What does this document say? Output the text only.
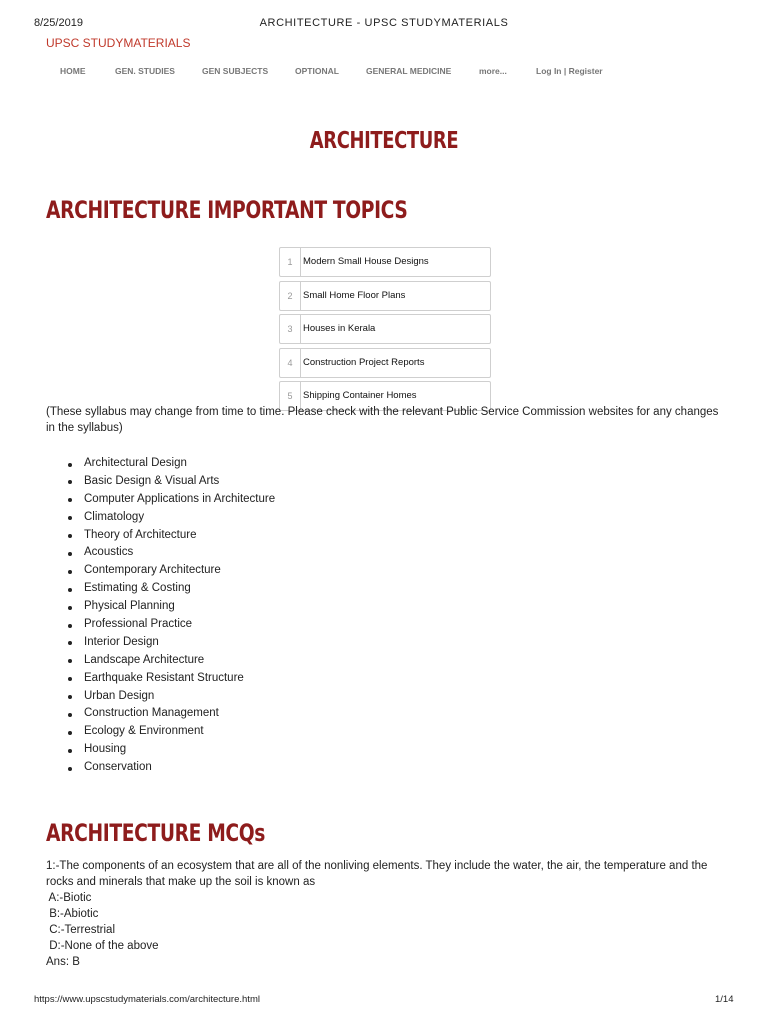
8/25/2019	ARCHITECTURE - UPSC STUDYMATERIALS
UPSC STUDYMATERIALS
HOME	GEN. STUDIES	GEN SUBJECTS	OPTIONAL	GENERAL MEDICINE	more...	Log In | Register
ARCHITECTURE
ARCHITECTURE IMPORTANT TOPICS
1	Modern Small House Designs
2	Small Home Floor Plans
3	Houses in Kerala
4	Construction Project Reports
5	Shipping Container Homes

(These syllabus may change from time to time. Please check with the relevant Public Service Commission websites for any changes in the syllabus)

Architectural Design
Basic Design & Visual Arts
Computer Applications in Architecture
Climatology
Theory of Architecture
Acoustics
Contemporary Architecture
Estimating & Costing
Physical Planning
Professional Practice
Interior Design
Landscape Architecture
Earthquake Resistant Structure
Urban Design
Construction Management
Ecology & Environment
Housing
Conservation
ARCHITECTURE MCQs
1:-The components of an ecosystem that are all of the nonliving elements. They include the water, the air, the temperature and the rocks and minerals that make up the soil is known as
A:-Biotic
B:-Abiotic
C:-Terrestrial
D:-None of the above
Ans: B
https://www.upscstudymaterials.com/architecture.html	1/14
